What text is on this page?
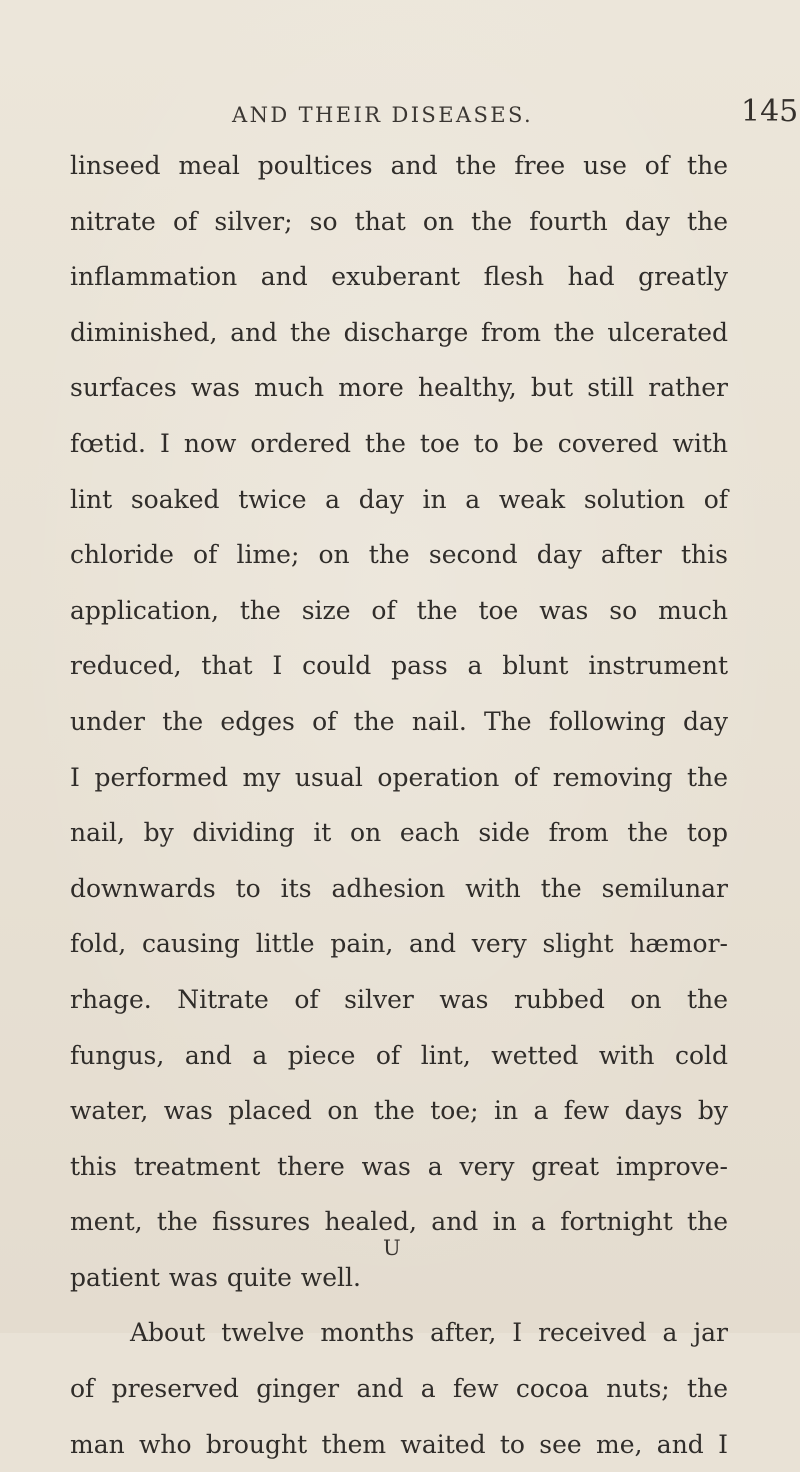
AND THEIR DISEASES.	145
linseed meal poultices and the free use of the
nitrate of silver; so that on the fourth day the
inflammation and exuberant flesh had greatly
diminished, and the discharge from the ulcerated
surfaces was much more healthy, but still rather
fœtid. I now ordered the toe to be covered with
lint soaked twice a day in a weak solution of
chloride of lime; on the second day after this
application, the size of the toe was so much
reduced, that I could pass a blunt instrument
under the edges of the nail. The following day
I performed my usual operation of removing the
nail, by dividing it on each side from the top
downwards to its adhesion with the semilunar
fold, causing little pain, and very slight hæmor-
rhage. Nitrate of silver was rubbed on the
fungus, and a piece of lint, wetted with cold
water, was placed on the toe; in a few days by
this treatment there was a very great improve-
ment, the fissures healed, and in a fortnight the
patient was quite well.
About twelve months after, I received a jar
of preserved ginger and a few cocoa nuts; the
man who brought them waited to see me, and I
U
